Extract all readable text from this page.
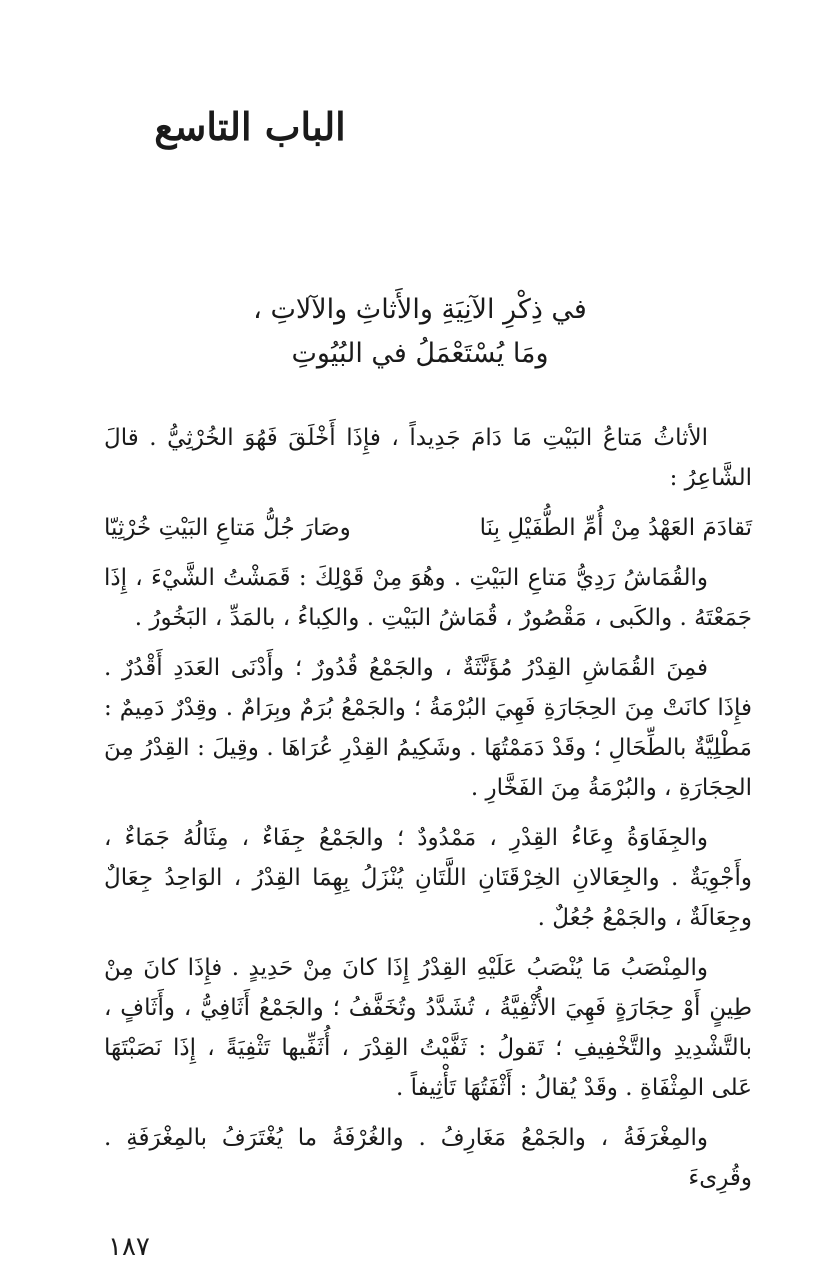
الباب التاسع
في ذِكْرِ الآنِيَةِ والأَثاثِ والآلاتِ ،
ومَا يُسْتَعْمَلُ في البُيُوتِ

الأثاثُ مَتاعُ البَيْتِ مَا دَامَ جَدِيداً ، فإِذَا أَخْلَقَ فَهُوَ الخُرْثِيُّ . قالَ الشَّاعِرُ :

تَقادَمَ العَهْدُ مِنْ أُمِّ الطُّفَيْلِ بِنَا
وصَارَ جُلُّ مَتاعِ البَيْتِ خُرْثِيّا

والقُمَاشُ رَدِيُّ مَتاعِ البَيْتِ . وهُوَ مِنْ قَوْلِكَ : قَمَشْتُ الشَّيْءَ ، إِذَا جَمَعْتَهُ . والكَبى ، مَقْصُورٌ ، قُمَاشُ البَيْتِ . والكِباءُ ، بالمَدِّ ، البَخُورُ .

فمِنَ القُمَاشِ القِدْرُ مُؤَنَّثَةٌ ، والجَمْعُ قُدُورٌ ؛ وأَدْنَى العَدَدِ أَقْدُرٌ . فإِذَا كانَتْ مِنَ الحِجَارَةِ فَهِيَ البُرْمَةُ ؛ والجَمْعُ بُرَمٌ وبِرَامٌ . وقِدْرٌ دَمِيمٌ : مَطْلِيَّةٌ بالطِّحَالِ ؛ وقَدْ دَمَمْتُهَا . وشَكِيمُ القِدْرِ عُرَاهَا . وقِيلَ : القِدْرُ مِنَ الحِجَارَةِ ، والبُرْمَةُ مِنَ الفَخَّارِ .

والجِفَاوَةُ وِعَاءُ القِدْرِ ، مَمْدُودٌ ؛ والجَمْعُ جِفَاءٌ ، مِثَالُهُ جَمَاءٌ ، وأَجْوِيَةٌ . والجِعَالانِ الخِرْقَتَانِ اللَّتَانِ يُنْزَلُ بِهِمَا القِدْرُ ، الوَاحِدُ جِعَالٌ وجِعَالَةٌ ، والجَمْعُ جُعُلٌ .

والمِنْصَبُ مَا يُنْصَبُ عَلَيْهِ القِدْرُ إِذَا كانَ مِنْ حَدِيدٍ . فإِذَا كانَ مِنْ طِينٍ أَوْ حِجَارَةٍ فَهِيَ الأُثْفِيَّةُ ، تُشَدَّدُ وتُخَفَّفُ ؛ والجَمْعُ أَثَافِيُّ ، وأَثَافٍ ، بالتَّشْدِيدِ والتَّخْفِيفِ ؛ تَقولُ : ثَفَّيْتُ القِدْرَ ، أُثَفِّيها تَثْفِيَةً ، إِذَا نَصَبْتَهَا عَلى المِثْفَاةِ . وقَدْ يُقالُ : أَثْفَتُهَا تَأْثِيفاً .

والمِغْرَفَةُ ، والجَمْعُ مَغَارِفُ . والغُرْفَةُ ما يُغْتَرَفُ بالمِغْرَفَةِ . وقُرِىءَ

١٨٧
